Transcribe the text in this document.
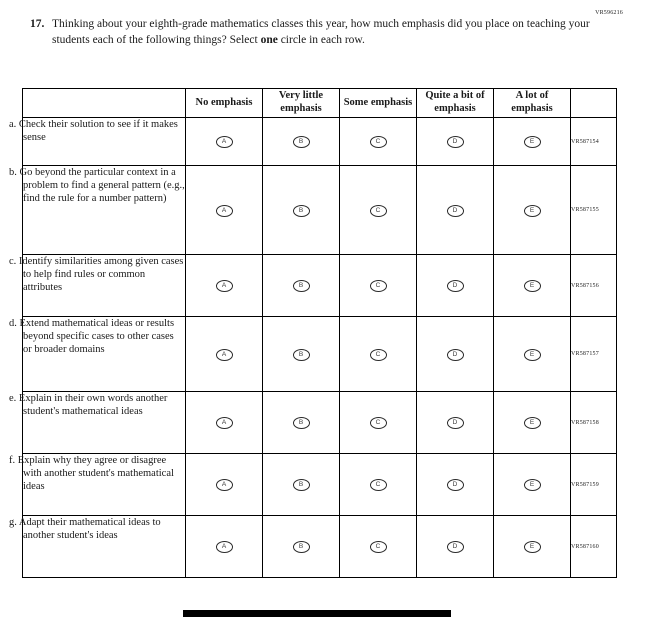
VR596216
17. Thinking about your eighth-grade mathematics classes this year, how much emphasis did you place on teaching your students each of the following things? Select one circle in each row.
	No emphasis	Very little emphasis	Some emphasis	Quite a bit of emphasis	A lot of emphasis	
a. Check their solution to see if it makes sense	A	B	C	D	E	VR587154
b. Go beyond the particular context in a problem to find a general pattern (e.g., find the rule for a number pattern)	A	B	C	D	E	VR587155
c. Identify similarities among given cases to help find rules or common attributes	A	B	C	D	E	VR587156
d. Extend mathematical ideas or results beyond specific cases to other cases or broader domains	A	B	C	D	E	VR587157
e. Explain in their own words another student's mathematical ideas	A	B	C	D	E	VR587158
f. Explain why they agree or disagree with another student's mathematical ideas	A	B	C	D	E	VR587159
g. Adapt their mathematical ideas to another student's ideas	A	B	C	D	E	VR587160
